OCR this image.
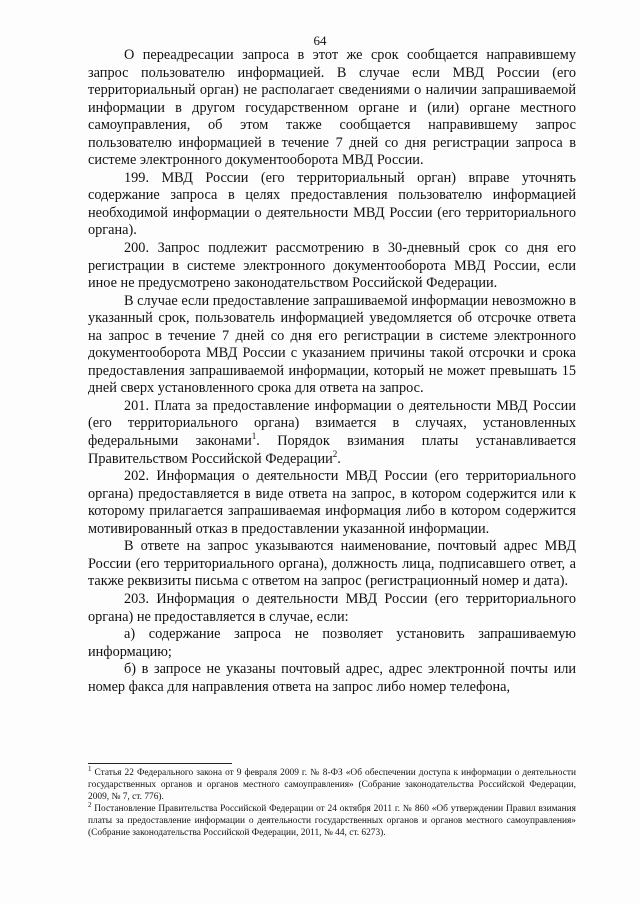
64

О переадресации запроса в этот же срок сообщается направившему запрос пользователю информацией. В случае если МВД России (его территориальный орган) не располагает сведениями о наличии запрашиваемой информации в другом государственном органе и (или) органе местного самоуправления, об этом также сообщается направившему запрос пользователю информацией в течение 7 дней со дня регистрации запроса в системе электронного документооборота МВД России.

199. МВД России (его территориальный орган) вправе уточнять содержание запроса в целях предоставления пользователю информацией необходимой информации о деятельности МВД России (его территориального органа).

200. Запрос подлежит рассмотрению в 30-дневный срок со дня его регистрации в системе электронного документооборота МВД России, если иное не предусмотрено законодательством Российской Федерации.

В случае если предоставление запрашиваемой информации невозможно в указанный срок, пользователь информацией уведомляется об отсрочке ответа на запрос в течение 7 дней со дня его регистрации в системе электронного документооборота МВД России с указанием причины такой отсрочки и срока предоставления запрашиваемой информации, который не может превышать 15 дней сверх установленного срока для ответа на запрос.

201. Плата за предоставление информации о деятельности МВД России (его территориального органа) взимается в случаях, установленных федеральными законами$^1$. Порядок взимания платы устанавливается Правительством Российской Федерации$^2$.

202. Информация о деятельности МВД России (его территориального органа) предоставляется в виде ответа на запрос, в котором содержится или к которому прилагается запрашиваемая информация либо в котором содержится мотивированный отказ в предоставлении указанной информации.

В ответе на запрос указываются наименование, почтовый адрес МВД России (его территориального органа), должность лица, подписавшего ответ, а также реквизиты письма с ответом на запрос (регистрационный номер и дата).

203. Информация о деятельности МВД России (его территориального органа) не предоставляется в случае, если:

а) содержание запроса не позволяет установить запрашиваемую информацию;

б) в запросе не указаны почтовый адрес, адрес электронной почты или номер факса для направления ответа на запрос либо номер телефона,

$^1$ Статья 22 Федерального закона от 9 февраля 2009 г. № 8-ФЗ «Об обеспечении доступа к информации о деятельности государственных органов и органов местного самоуправления» (Собрание законодательства Российской Федерации, 2009, № 7, ст. 776).

$^2$ Постановление Правительства Российской Федерации от 24 октября 2011 г. № 860 «Об утверждении Правил взимания платы за предоставление информации о деятельности государственных органов и органов местного самоуправления» (Собрание законодательства Российской Федерации, 2011, № 44, ст. 6273).
